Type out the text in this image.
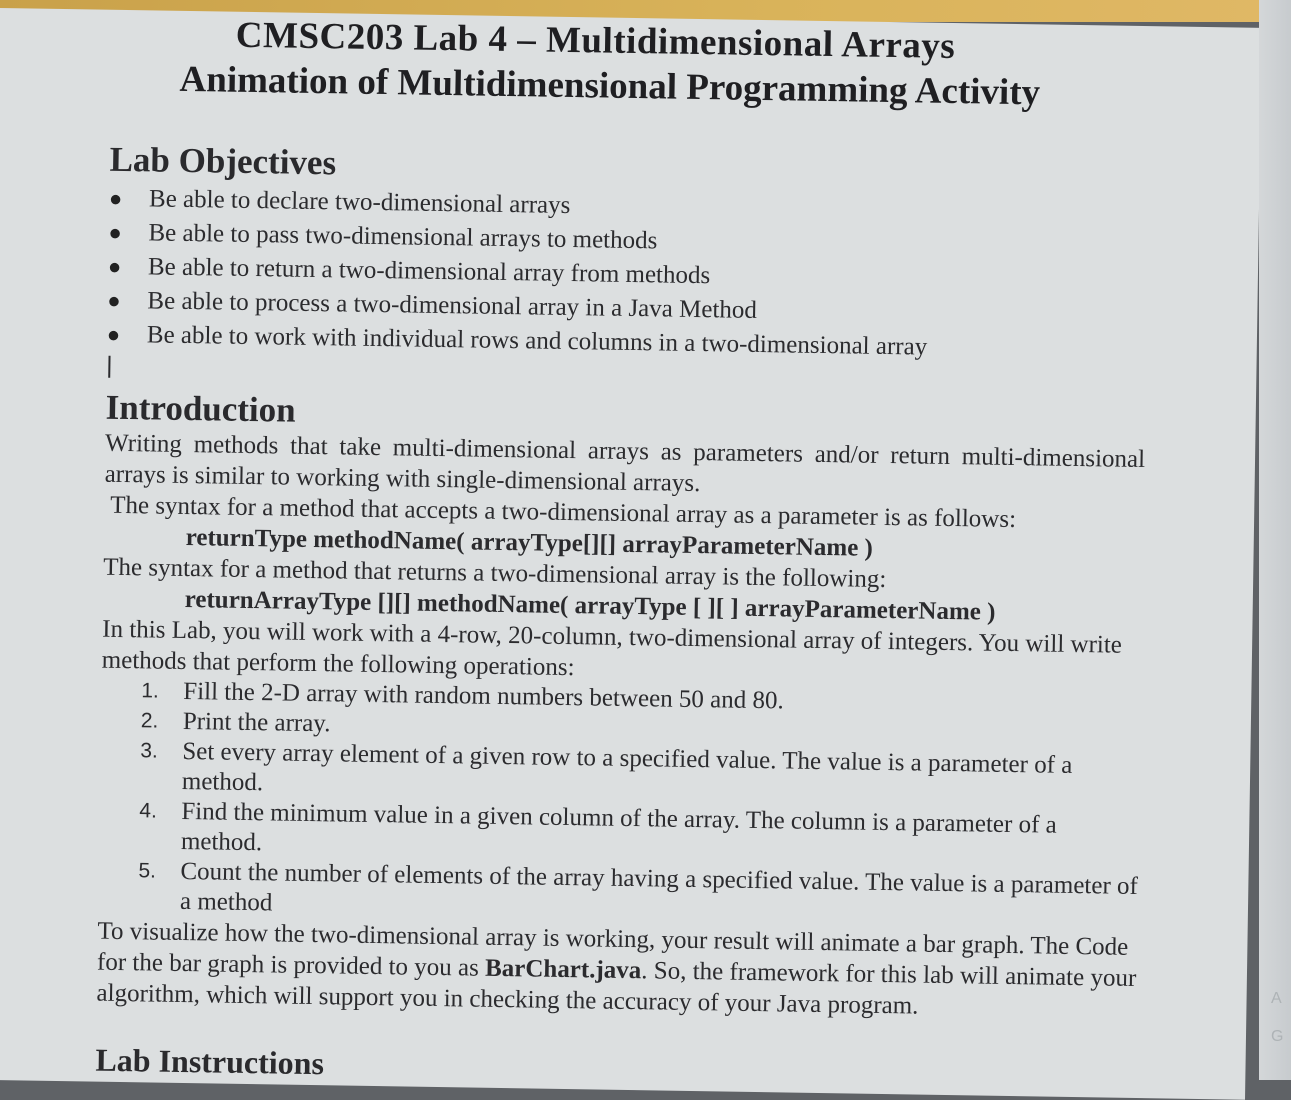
CMSC203 Lab 4 – Multidimensional Arrays
Animation of Multidimensional Programming Activity
Lab Objectives
● Be able to declare two-dimensional arrays
● Be able to pass two-dimensional arrays to methods
● Be able to return a two-dimensional array from methods
● Be able to process a two-dimensional array in a Java Method
● Be able to work with individual rows and columns in a two-dimensional array
Introduction

Writing methods that take multi-dimensional arrays as parameters and/or return multi-dimensional arrays is similar to working with single-dimensional arrays.

The syntax for a method that accepts a two-dimensional array as a parameter is as follows:

returnType methodName( arrayType[][] arrayParameterName )

The syntax for a method that returns a two-dimensional array is the following:

returnArrayType [][] methodName( arrayType [ ][ ] arrayParameterName )

In this Lab, you will work with a 4-row, 20-column, two-dimensional array of integers. You will write methods that perform the following operations:

1. Fill the 2-D array with random numbers between 50 and 80.
2. Print the array.
3. Set every array element of a given row to a specified value. The value is a parameter of a method.
4. Find the minimum value in a given column of the array. The column is a parameter of a method.
5. Count the number of elements of the array having a specified value. The value is a parameter of a method

To visualize how the two-dimensional array is working, your result will animate a bar graph. The Code for the bar graph is provided to you as BarChart.java. So, the framework for this lab will animate your algorithm, which will support you in checking the accuracy of your Java program.

Lab Instructions
A
G
